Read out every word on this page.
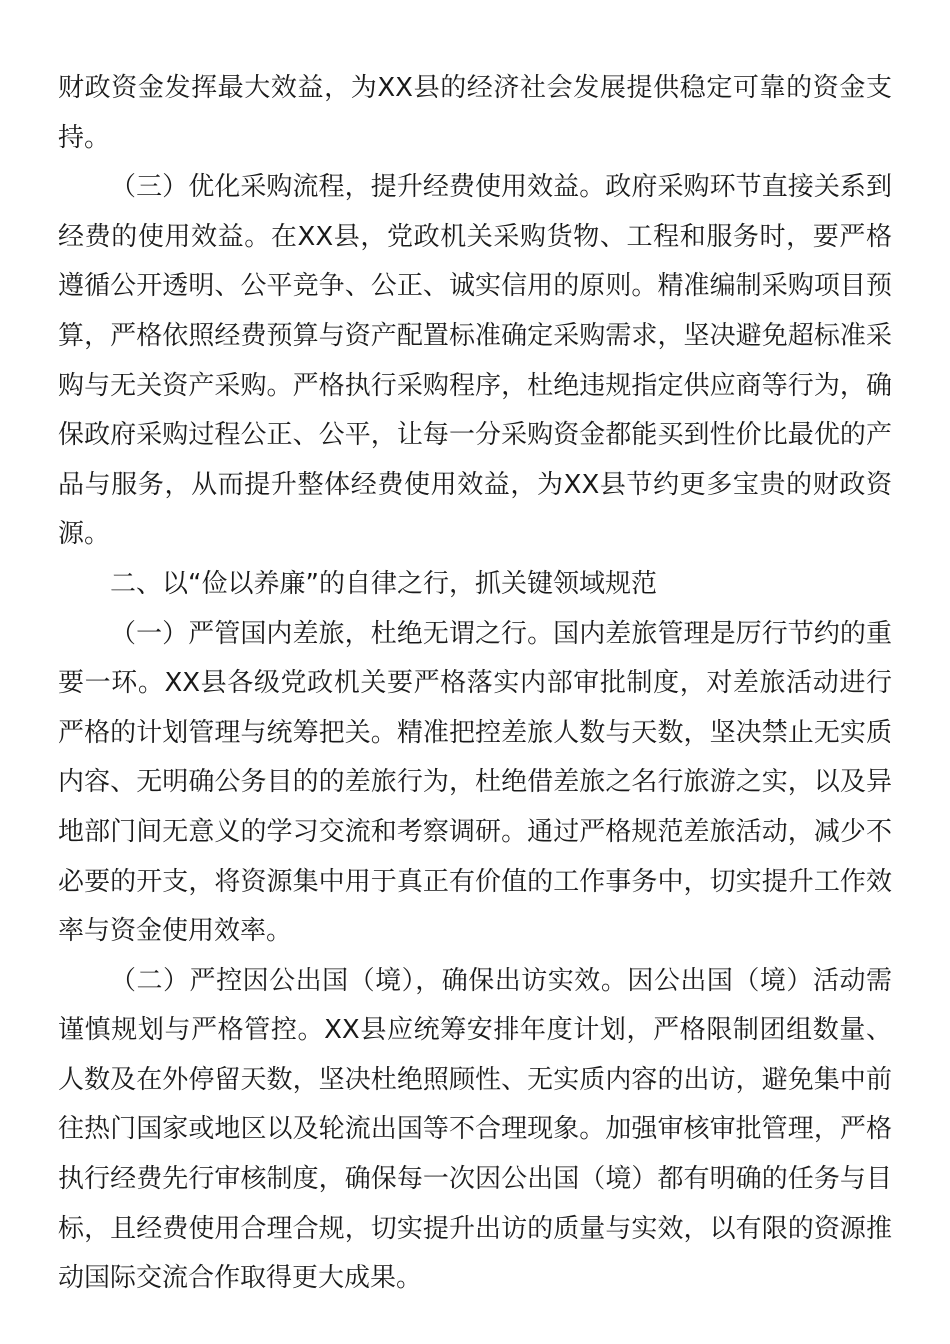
财政资金发挥最大效益，为XX县的经济社会发展提供稳定可靠的资金支持。

（三）优化采购流程，提升经费使用效益。政府采购环节直接关系到经费的使用效益。在XX县，党政机关采购货物、工程和服务时，要严格遵循公开透明、公平竞争、公正、诚实信用的原则。精准编制采购项目预算，严格依照经费预算与资产配置标准确定采购需求，坚决避免超标准采购与无关资产采购。严格执行采购程序，杜绝违规指定供应商等行为，确保政府采购过程公正、公平，让每一分采购资金都能买到性价比最优的产品与服务，从而提升整体经费使用效益，为XX县节约更多宝贵的财政资源。

二、以“俭以养廉”的自律之行，抓关键领域规范

（一）严管国内差旅，杜绝无谓之行。国内差旅管理是厉行节约的重要一环。XX县各级党政机关要严格落实内部审批制度，对差旅活动进行严格的计划管理与统筹把关。精准把控差旅人数与天数，坚决禁止无实质内容、无明确公务目的的差旅行为，杜绝借差旅之名行旅游之实，以及异地部门间无意义的学习交流和考察调研。通过严格规范差旅活动，减少不必要的开支，将资源集中用于真正有价值的工作事务中，切实提升工作效率与资金使用效率。

（二）严控因公出国（境），确保出访实效。因公出国（境）活动需谨慎规划与严格管控。XX县应统筹安排年度计划，严格限制团组数量、人数及在外停留天数，坚决杜绝照顾性、无实质内容的出访，避免集中前往热门国家或地区以及轮流出国等不合理现象。加强审核审批管理，严格执行经费先行审核制度，确保每一次因公出国（境）都有明确的任务与目标，且经费使用合理合规，切实提升出访的质量与实效，以有限的资源推动国际交流合作取得更大成果。
